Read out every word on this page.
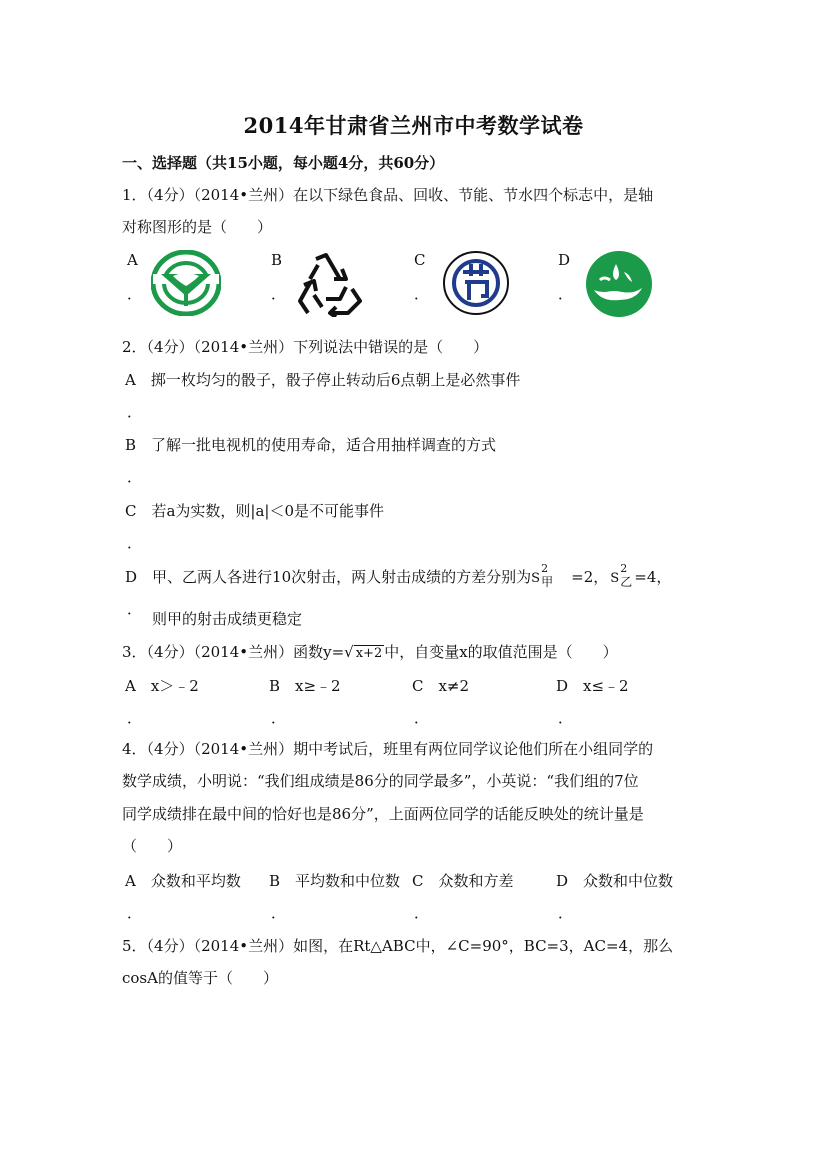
2014年甘肃省兰州市中考数学试卷
一、选择题（共15小题，每小题4分，共60分）
1．（4分）（2014•兰州）在以下绿色食品、回收、节能、节水四个标志中，是轴
对称图形的是（　　）
A
．
B
．
C
．
D
．
2．（4分）（2014•兰州）下列说法中错误的是（　　）
A　掷一枚均匀的骰子，骰子停止转动后6点朝上是必然事件
．
B　了解一批电视机的使用寿命，适合用抽样调查的方式
．
C　若a为实数，则|a|＜0是不可能事件
．
D　甲、乙两人各进行10次射击，两人射击成绩的方差分别为 S
2
甲 =2， S
2
乙 =4，
．
则甲的射击成绩更稳定
3．（4分）（2014•兰州）函数y=√ x+2 中，自变量x的取值范围是（　　）
A　x＞﹣2
．
B　x≥﹣2
．
C　x≠2
．
D　x≤﹣2
．
4．（4分）（2014•兰州）期中考试后，班里有两位同学议论他们所在小组同学的
数学成绩，小明说：“我们组成绩是86分的同学最多”，小英说：“我们组的7位
同学成绩排在最中间的恰好也是86分”，上面两位同学的话能反映处的统计量是
（　　）
A　众数和平均数
．
B　平均数和中位数
．
C　众数和方差
．
D　众数和中位数
．
5．（4分）（2014•兰州）如图，在Rt△ABC中，∠C=90°，BC=3，AC=4，那么
cosA的值等于（　　）
